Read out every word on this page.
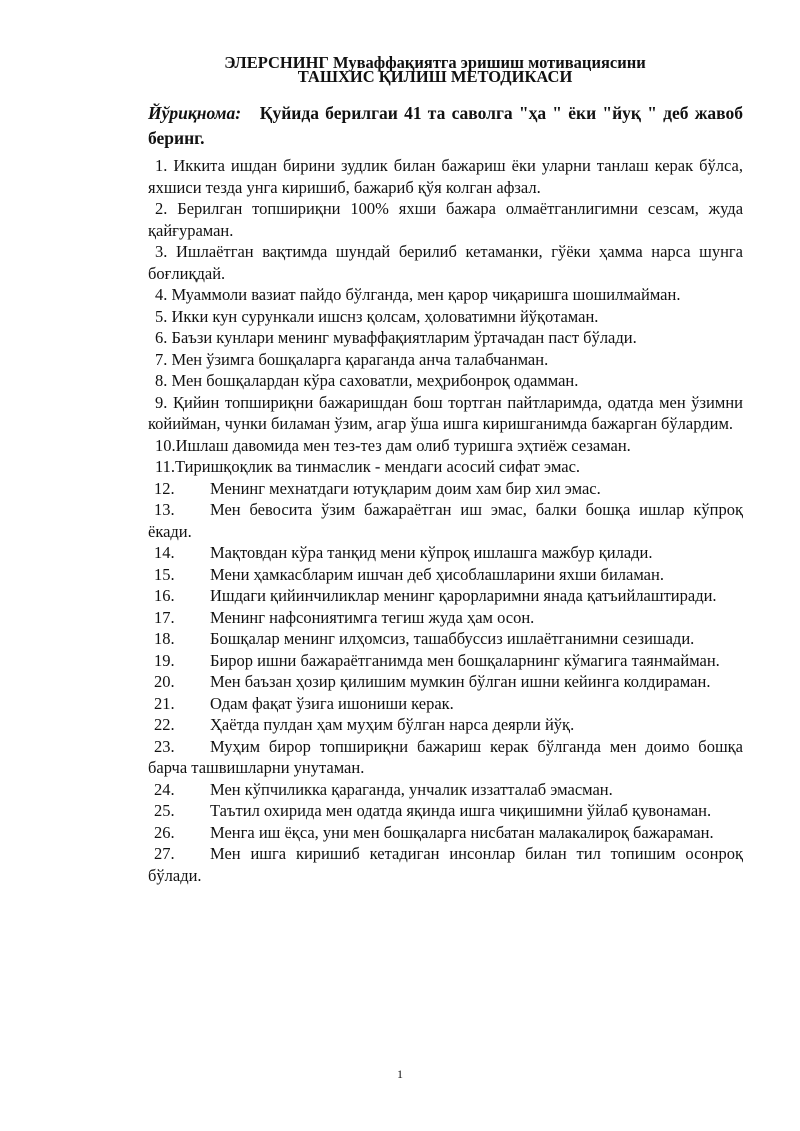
ЭЛЕРСНИНГ Муваффақиятга эришиш мотивациясини
ТАШХИС ҚИЛИШ МЕТОДИКАСИ
Йўриқнома: Қуйида берилгаи 41 та саволга "ҳа " ёки "йуқ " деб жавоб беринг.

1. Иккита ишдан бирини зудлик билан бажариш ёки уларни танлаш керак бўлса, яхшиси тезда унга киришиб, бажариб қўя колган афзал.

2. Берилган топшириқни 100% яхши бажара олмаётганлигимни сезсам, жуда қайғураман.

3. Ишлаётган вақтимда шундай берилиб кетаманки, гўёки ҳамма нарса шунга боғлиқдай.

4. Муаммоли вазиат пайдо бўлганда, мен қарор чиқаришга шошилмайман.

5. Икки кун сурункали ишснз қолсам, ҳоловатимни йўқотаман.

6. Баъзи кунлари менинг муваффақиятларим ўртачадан паст бўлади.

7. Мен ўзимга бошқаларга қараганда анча талабчанман.

8. Мен бошқалардан кўра саховатли, меҳрибонроқ одамман.

9. Қийин топшириқни бажаришдан бош тортган пайтларимда, одатда мен ўзимни койийман, чунки биламан ўзим, агар ўша ишга киришганимда бажарган бўлардим.

10.Ишлаш давомида мен тез-тез дам олиб туришга эҳтиёж сезаман.

11.Тиришқоқлик ва тинмаслик - мендаги асосий сифат эмас.

12. Менинг мехнатдаги ютуқларим доим хам бир хил эмас.

13. Мен бевосита ўзим бажараётган иш эмас, балки бошқа ишлар кўпроқ ёкади.

14. Мақтовдан кўра танқид мени кўпроқ ишлашга мажбур қилади.

15. Мени ҳамкасбларим ишчан деб ҳисоблашларини яхши биламан.

16. Ишдаги қийинчиликлар менинг қарорларимни янада қатъийлаштиради.

17. Менинг нафсониятимга тегиш жуда ҳам осон.

18. Бошқалар менинг илҳомсиз, ташаббуссиз ишлаётганимни сезишади.

19. Бирор ишни бажараётганимда мен бошқаларнинг кўмагига таянмайман.

20. Мен баъзан ҳозир қилишим мумкин бўлган ишни кейинга колдираман.

21. Одам фақат ўзига ишониши керак.

22. Ҳаётда пулдан ҳам муҳим бўлган нарса деярли йўқ.

23. Муҳим бирор топшириқни бажариш керак бўлганда мен доимо бошқа барча ташвишларни унутаман.

24. Мен кўпчиликка қараганда, унчалик иззатталаб эмасман.

25. Таътил охирида мен одатда яқинда ишга чиқишимни ўйлаб қувонаман.

26. Менга иш ёқса, уни мен бошқаларга нисбатан малакалироқ бажараман.

27. Мен ишга киришиб кетадиган инсонлар билан тил топишим осонроқ бўлади.

1
